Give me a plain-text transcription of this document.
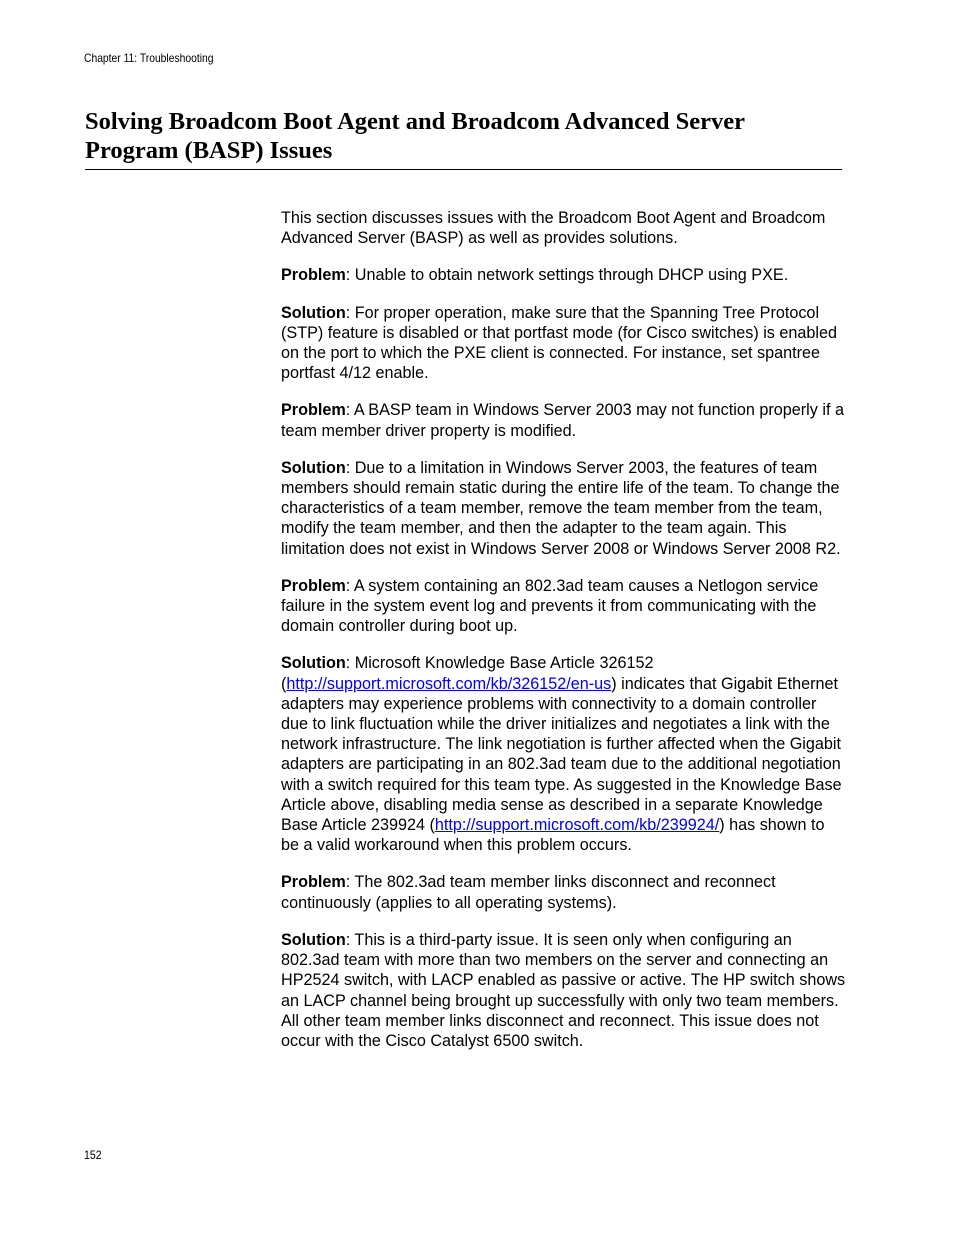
Chapter 11: Troubleshooting
Solving Broadcom Boot Agent and Broadcom Advanced Server Program (BASP) Issues

This section discusses issues with the Broadcom Boot Agent and Broadcom Advanced Server (BASP) as well as provides solutions.

Problem: Unable to obtain network settings through DHCP using PXE.

Solution: For proper operation, make sure that the Spanning Tree Protocol (STP) feature is disabled or that portfast mode (for Cisco switches) is enabled on the port to which the PXE client is connected. For instance, set spantree portfast 4/12 enable.

Problem: A BASP team in Windows Server 2003 may not function properly if a team member driver property is modified.

Solution: Due to a limitation in Windows Server 2003, the features of team members should remain static during the entire life of the team. To change the characteristics of a team member, remove the team member from the team, modify the team member, and then the adapter to the team again. This limitation does not exist in Windows Server 2008 or Windows Server 2008 R2.

Problem: A system containing an 802.3ad team causes a Netlogon service failure in the system event log and prevents it from communicating with the domain controller during boot up.

Solution: Microsoft Knowledge Base Article 326152 (http://support.microsoft.com/kb/326152/en-us) indicates that Gigabit Ethernet adapters may experience problems with connectivity to a domain controller due to link fluctuation while the driver initializes and negotiates a link with the network infrastructure. The link negotiation is further affected when the Gigabit adapters are participating in an 802.3ad team due to the additional negotiation with a switch required for this team type. As suggested in the Knowledge Base Article above, disabling media sense as described in a separate Knowledge Base Article 239924 (http://support.microsoft.com/kb/239924/) has shown to be a valid workaround when this problem occurs.

Problem: The 802.3ad team member links disconnect and reconnect continuously (applies to all operating systems).

Solution: This is a third-party issue. It is seen only when configuring an 802.3ad team with more than two members on the server and connecting an HP2524 switch, with LACP enabled as passive or active. The HP switch shows an LACP channel being brought up successfully with only two team members. All other team member links disconnect and reconnect. This issue does not occur with the Cisco Catalyst 6500 switch.

152
